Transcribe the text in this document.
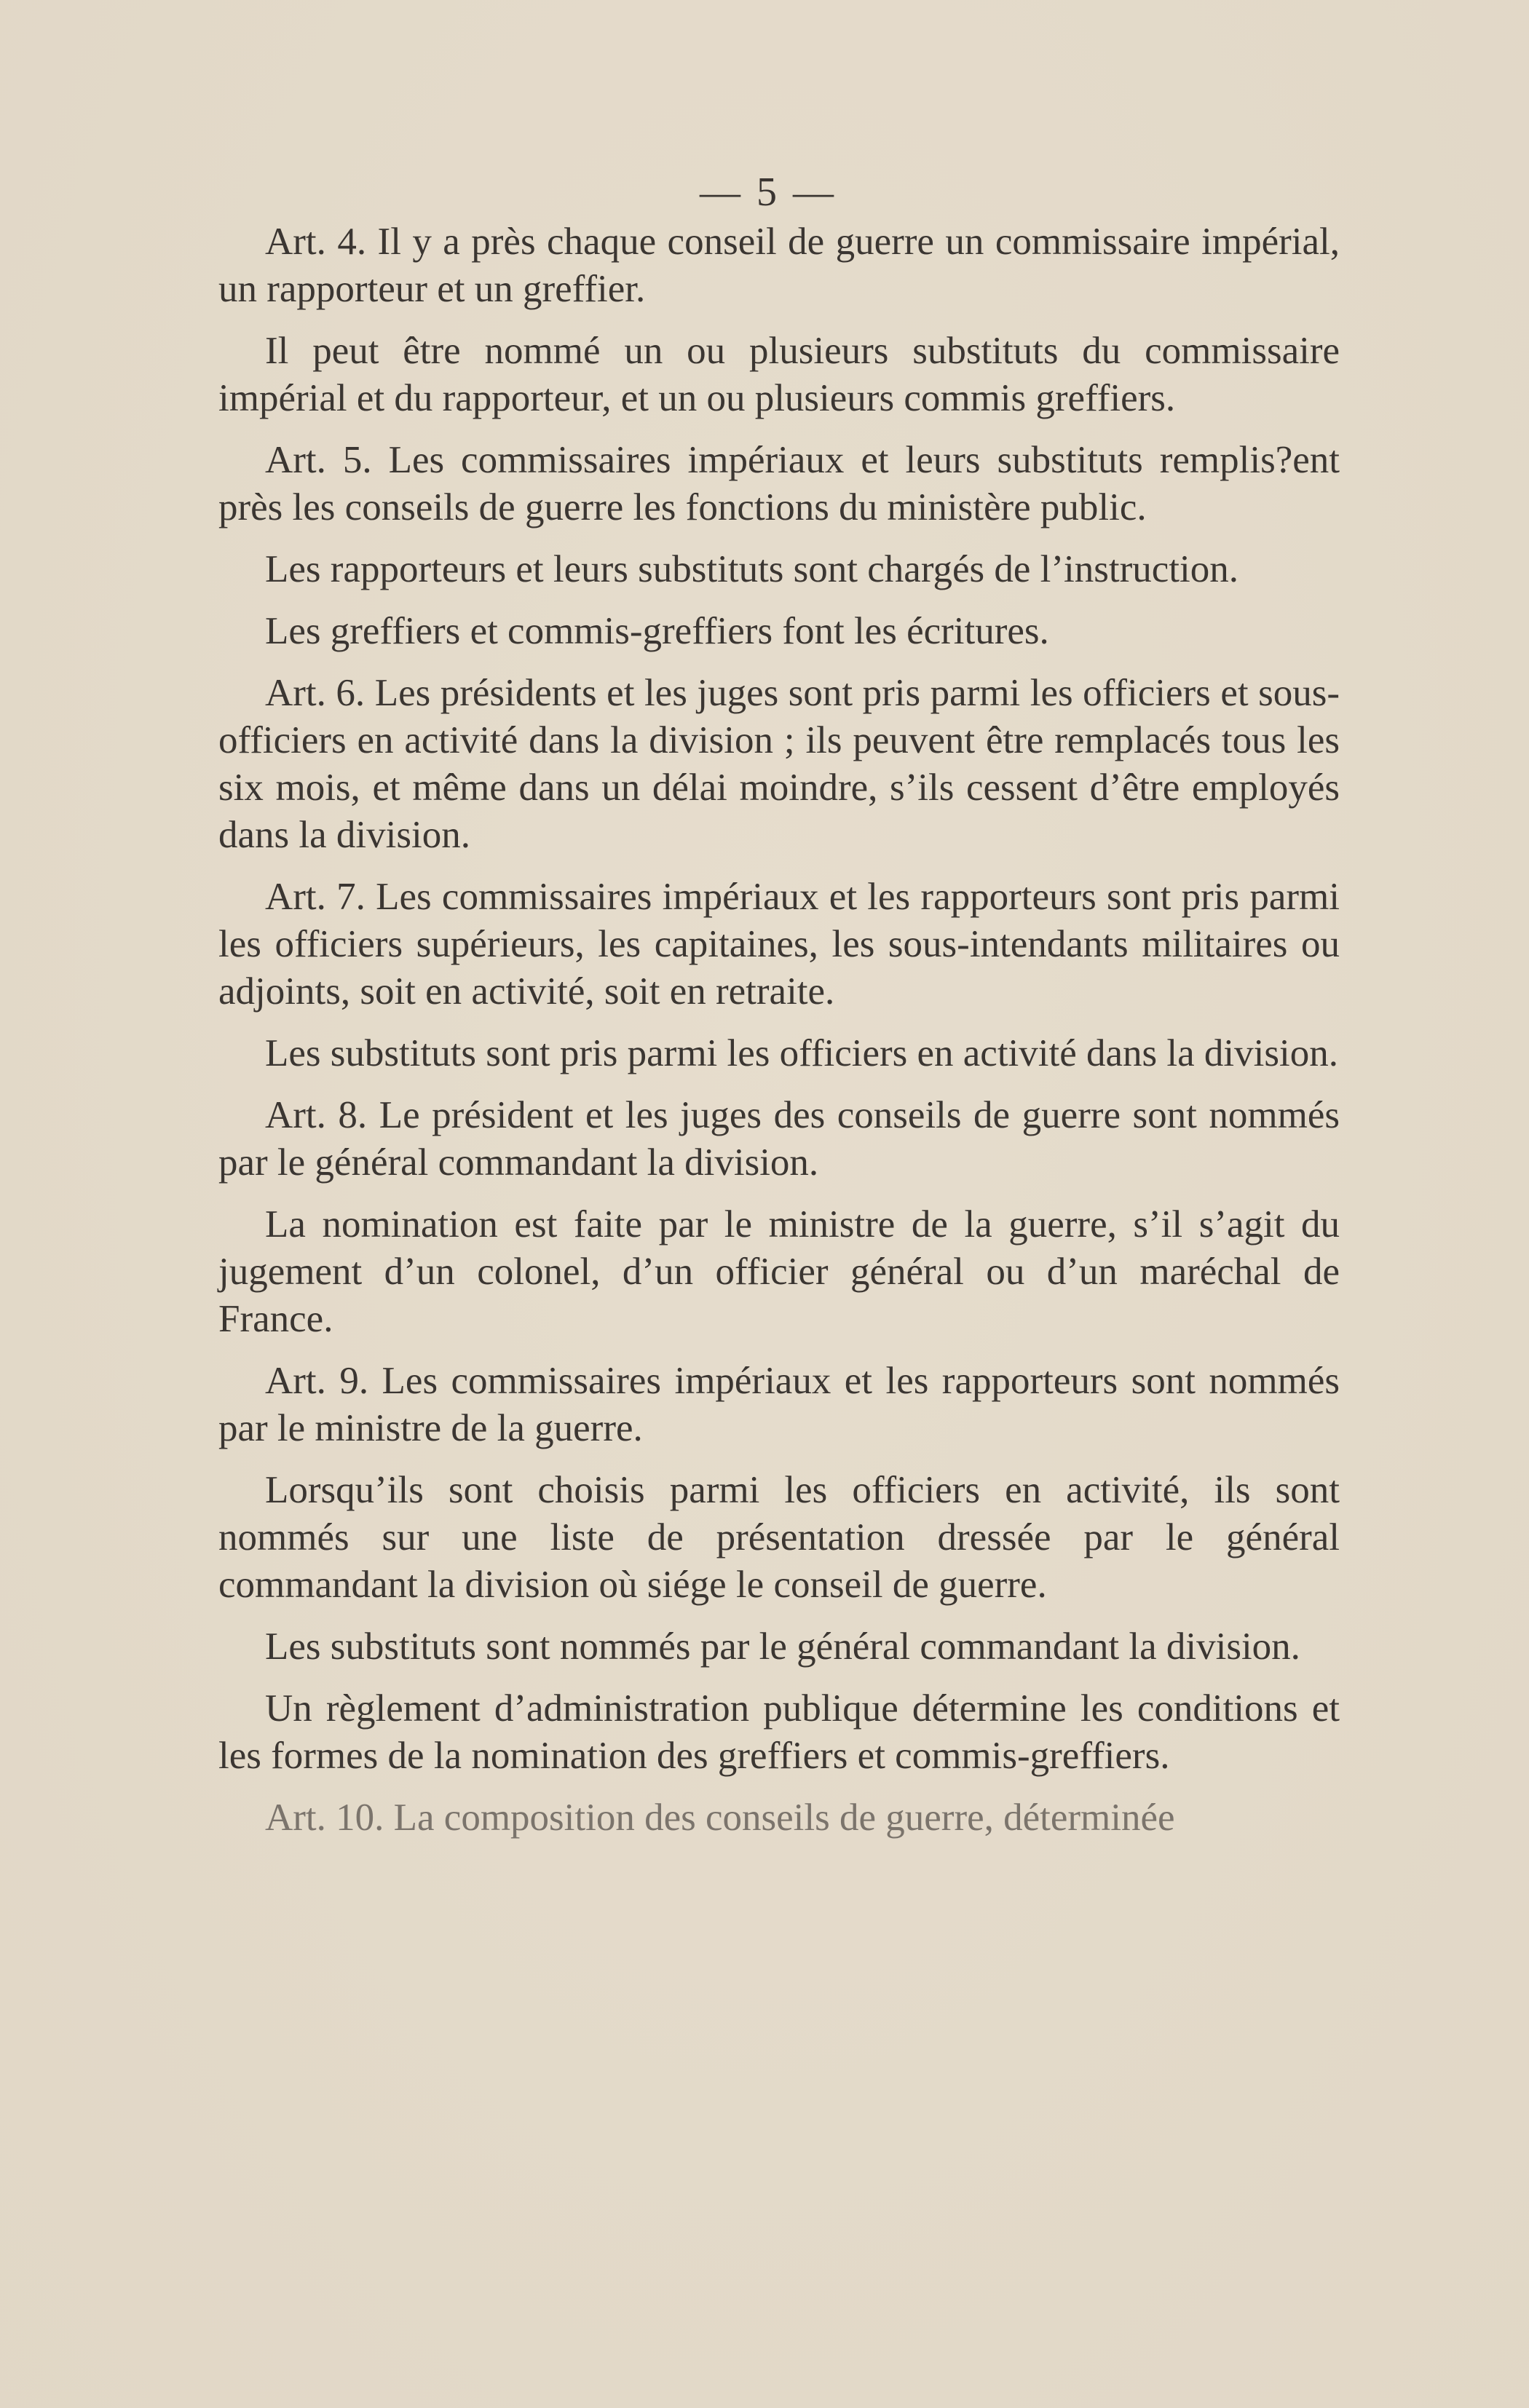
— 5 —

Art. 4. Il y a près chaque conseil de guerre un commissaire impérial, un rapporteur et un greffier.

Il peut être nommé un ou plusieurs substituts du commissaire impérial et du rapporteur, et un ou plusieurs commis greffiers.

Art. 5. Les commissaires impériaux et leurs substituts remplis?ent près les conseils de guerre les fonctions du ministère public.

Les rapporteurs et leurs substituts sont chargés de l’instruction.

Les greffiers et commis-greffiers font les écritures.

Art. 6. Les présidents et les juges sont pris parmi les officiers et sous-officiers en activité dans la division ; ils peuvent être remplacés tous les six mois, et même dans un délai moindre, s’ils cessent d’être employés dans la division.

Art. 7. Les commissaires impériaux et les rapporteurs sont pris parmi les officiers supérieurs, les capitaines, les sous-intendants militaires ou adjoints, soit en activité, soit en retraite.

Les substituts sont pris parmi les officiers en activité dans la division.

Art. 8. Le président et les juges des conseils de guerre sont nommés par le général commandant la division.

La nomination est faite par le ministre de la guerre, s’il s’agit du jugement d’un colonel, d’un officier général ou d’un maréchal de France.

Art. 9. Les commissaires impériaux et les rapporteurs sont nommés par le ministre de la guerre.

Lorsqu’ils sont choisis parmi les officiers en activité, ils sont nommés sur une liste de présentation dressée par le général commandant la division où siége le conseil de guerre.

Les substituts sont nommés par le général commandant la division.

Un règlement d’administration publique détermine les conditions et les formes de la nomination des greffiers et commis-greffiers.

Art. 10. La composition des conseils de guerre, déterminée
